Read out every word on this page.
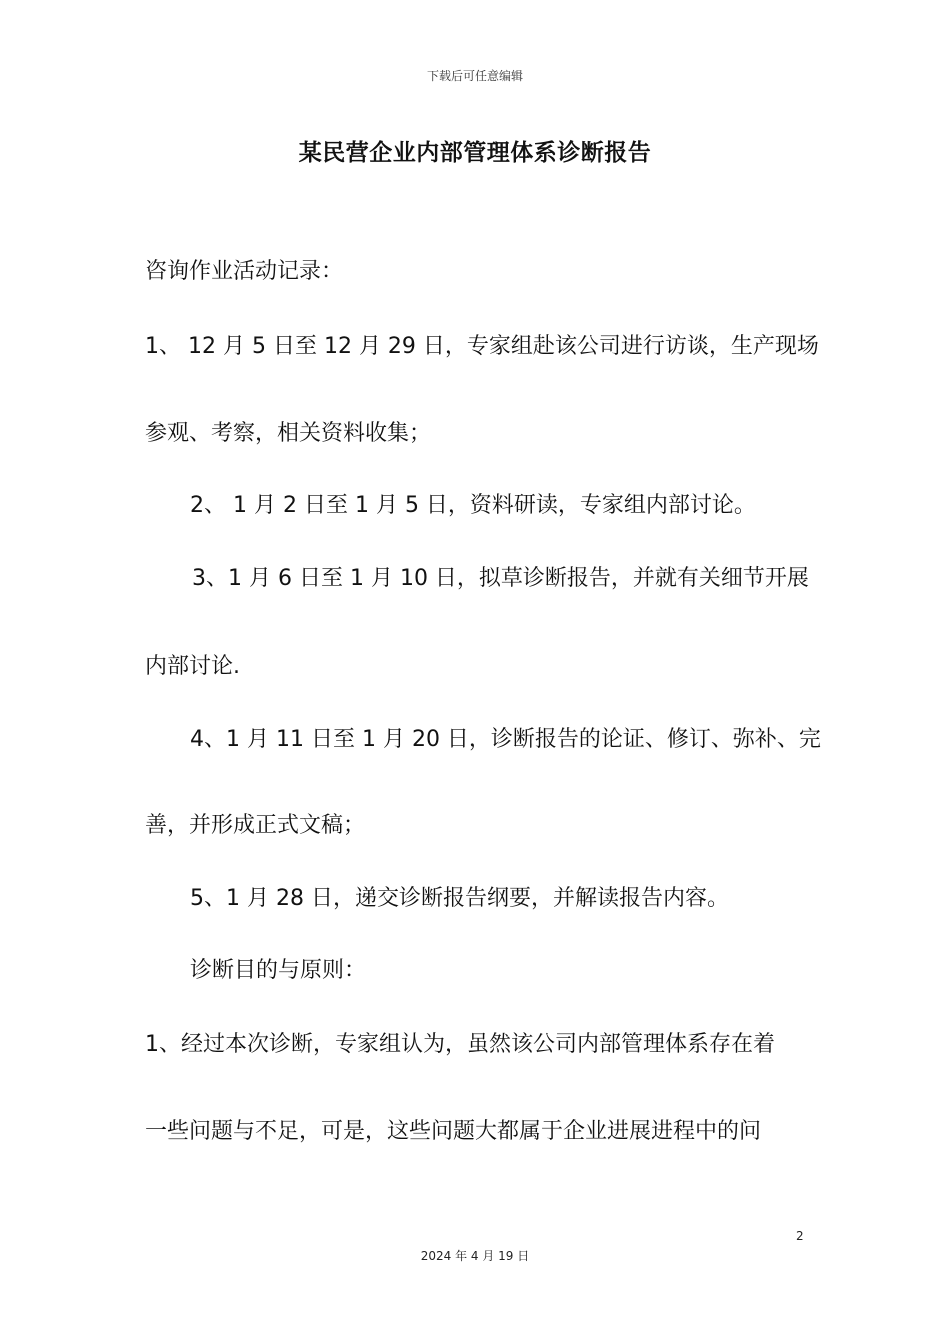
下载后可任意编辑
某民营企业内部管理体系诊断报告
咨询作业活动记录：
1、 12 月 5 日至 12 月 29 日，专家组赴该公司进行访谈，生产现场
参观、考察，相关资料收集；
2、 1 月 2 日至 1 月 5 日，资料研读，专家组内部讨论。
3、1 月 6 日至 1 月 10 日，拟草诊断报告，并就有关细节开展
内部讨论.
4、1 月 11 日至 1 月 20 日，诊断报告的论证、修订、弥补、完
善，并形成正式文稿；
5、1 月 28 日，递交诊断报告纲要，并解读报告内容。
诊断目的与原则：
1、经过本次诊断，专家组认为，虽然该公司内部管理体系存在着
一些问题与不足，可是，这些问题大都属于企业进展进程中的问
2
2024 年 4 月 19 日
